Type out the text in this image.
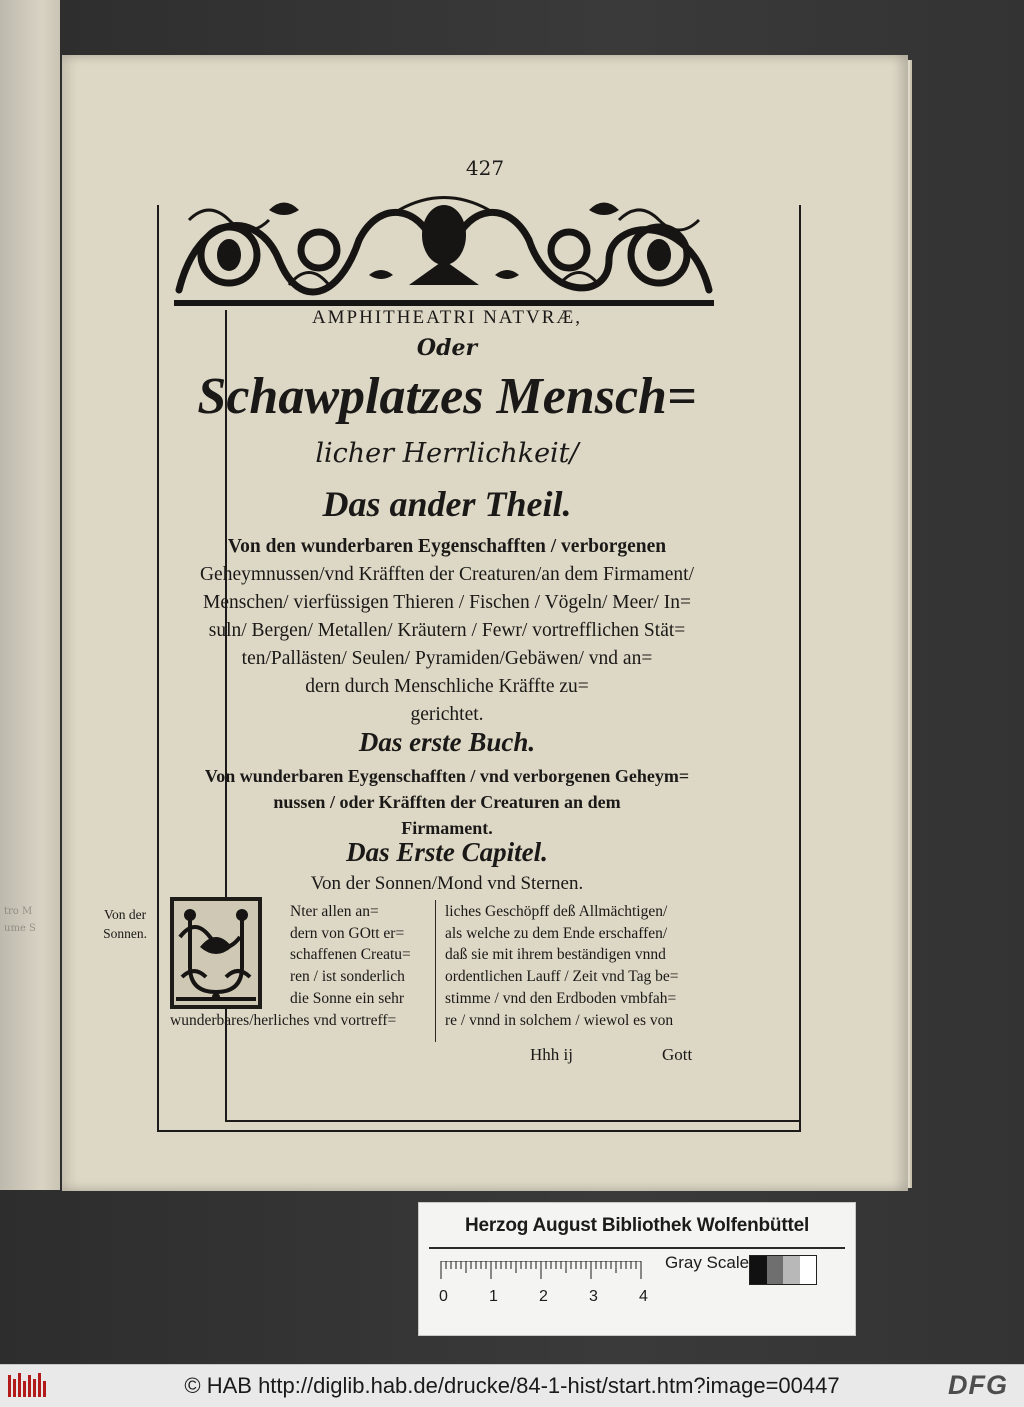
tro M
ume S
427
AMPHITHEATRI NATVRÆ,
Oder
Schawplatzes Mensch=
licher Herrlichkeit/
Das ander Theil.
Von den wunderbaren Eygenschafften / verborgenen
Geheymnussen/vnd Kräfften der Creaturen/an dem Firmament/
Menschen/ vierfüssigen Thieren / Fischen / Vögeln/ Meer/ In=
suln/ Bergen/ Metallen/ Kräutern / Fewr/ vortrefflichen Stät=
ten/Pallästen/ Seulen/ Pyramiden/Gebäwen/ vnd an=
dern durch Menschliche Kräffte zu=
gerichtet.
Das erste Buch.
Von wunderbaren Eygenschafften / vnd verborgenen Geheym=
nussen / oder Kräfften der Creaturen an dem
Firmament.
Das Erste Capitel.
Von der Sonnen/Mond vnd Sternen.
Von der
Sonnen.
Nter allen an=
dern von GOtt er=
schaffenen Creatu=
ren / ist sonderlich
die Sonne ein sehr
wunderbares/herliches vnd vortreff=
liches Geschöpff deß Allmächtigen/
als welche zu dem Ende erschaffen/
daß sie mit ihrem beständigen vnnd
ordentlichen Lauff / Zeit vnd Tag be=
stimme / vnd den Erdboden vmbfah=
re / vnnd in solchem / wiewol es von
Hhh ij	Gott
Herzog August Bibliothek Wolfenbüttel
0	1	2	3	4
Gray Scale
© HAB http://diglib.hab.de/drucke/84-1-hist/start.htm?image=00447	DFG
